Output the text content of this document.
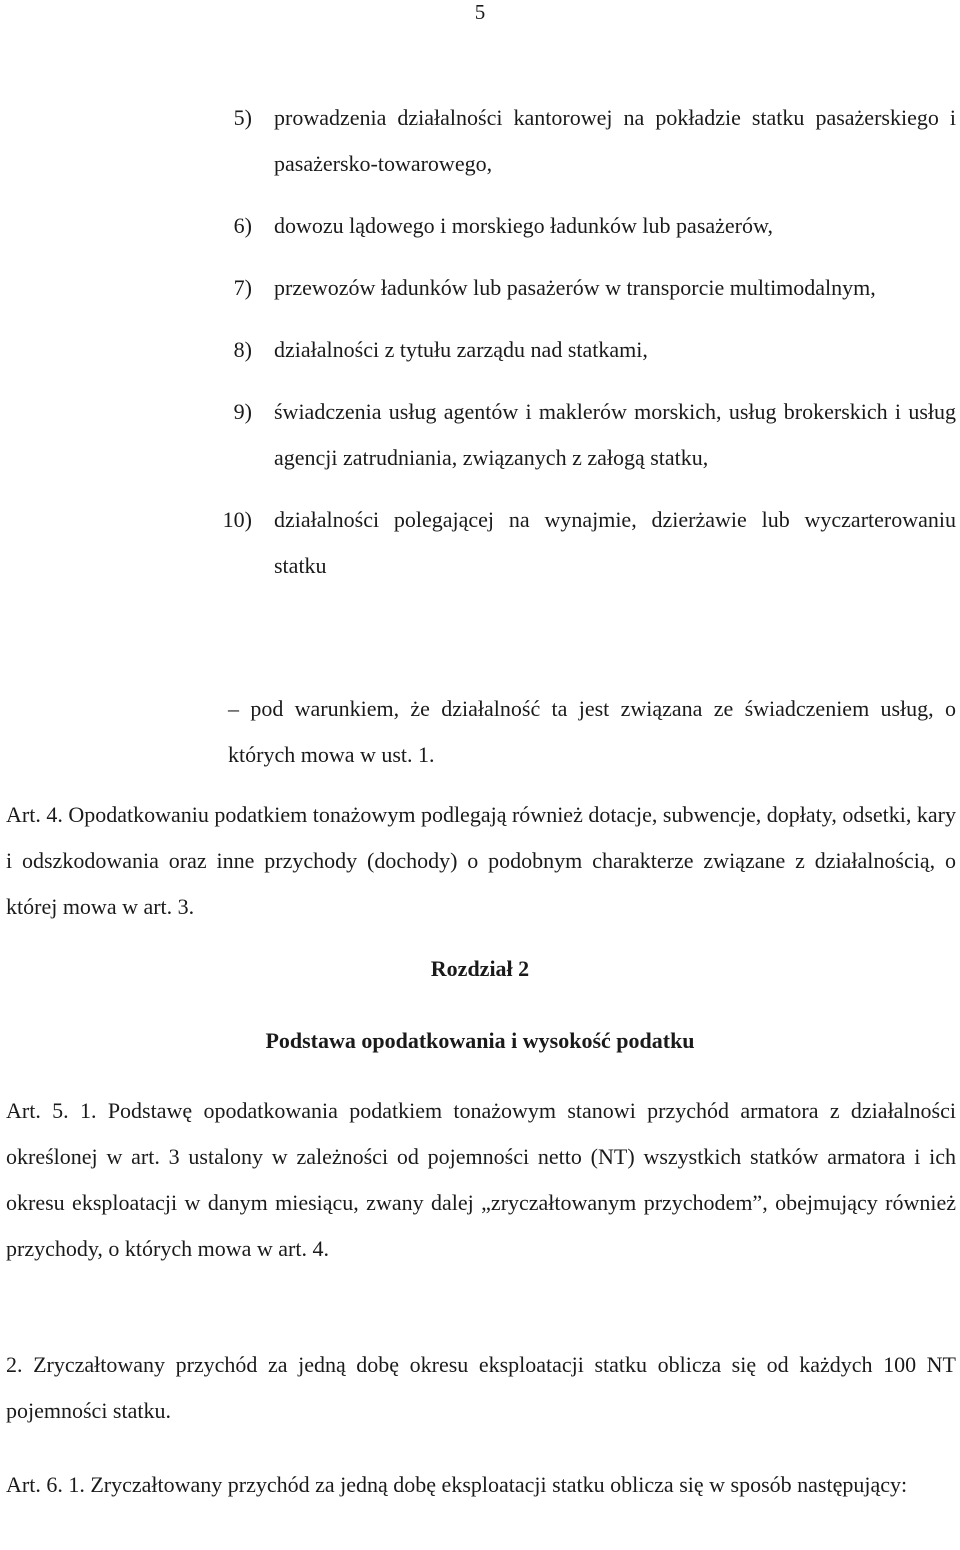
5
5)	prowadzenia działalności kantorowej na pokładzie statku pasażerskiego i pasażersko-towarowego,
6)	dowozu lądowego i morskiego ładunków lub pasażerów,
7)	przewozów ładunków lub pasażerów w transporcie multimodalnym,
8)	działalności z tytułu zarządu nad statkami,
9)	świadczenia usług agentów i maklerów morskich, usług brokerskich i usług agencji zatrudniania, związanych z załogą statku,
10)	działalności polegającej na wynajmie, dzierżawie lub wyczarterowaniu statku
– pod warunkiem, że działalność ta jest związana ze świadczeniem usług, o których mowa w ust. 1.
Art. 4. Opodatkowaniu podatkiem tonażowym podlegają również dotacje, subwencje, dopłaty, odsetki, kary i odszkodowania oraz inne przychody (dochody) o podobnym charakterze związane z działalnością, o której mowa w art. 3.
Rozdział 2
Podstawa opodatkowania i wysokość podatku
Art. 5. 1. Podstawę opodatkowania podatkiem tonażowym stanowi przychód armatora z działalności określonej w art. 3 ustalony w zależności od pojemności netto (NT) wszystkich statków armatora i ich okresu eksploatacji w danym miesiącu, zwany dalej „zryczałtowanym przychodem”, obejmujący również przychody, o których mowa w art. 4.
2. Zryczałtowany przychód za jedną dobę okresu eksploatacji statku oblicza się od każdych 100 NT pojemności statku.
Art. 6. 1. Zryczałtowany przychód za jedną dobę eksploatacji statku oblicza się w sposób następujący:
